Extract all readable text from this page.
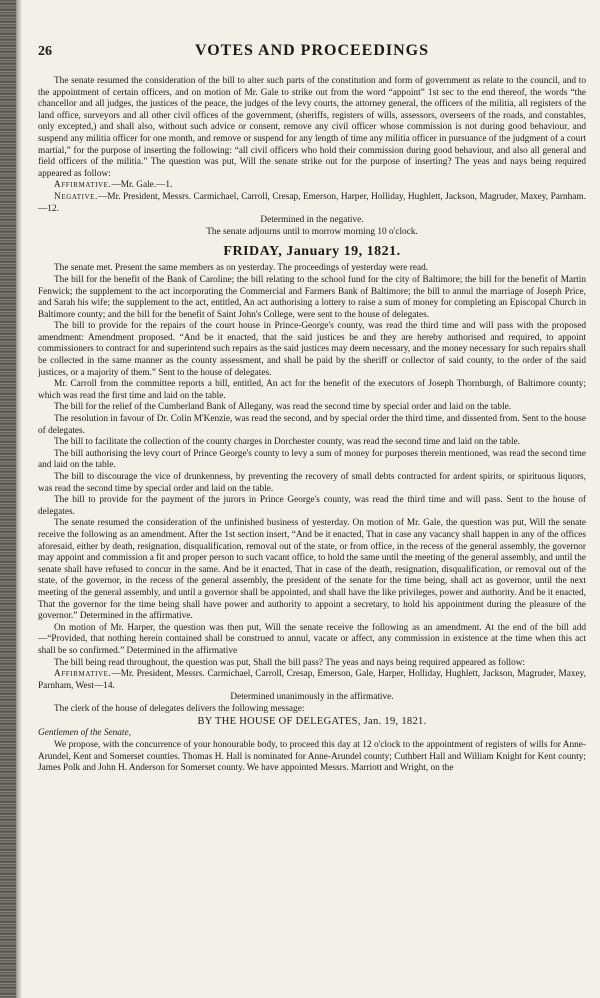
26	VOTES AND PROCEEDINGS

The senate resumed the consideration of the bill to alter such parts of the constitution and form of government as relate to the council, and to the appointment of certain officers, and on motion of Mr. Gale to strike out from the word “appoint” 1st sec to the end thereof, the words “the chancellor and all judges, the justices of the peace, the judges of the levy courts, the attorney general, the officers of the militia, all registers of the land office, surveyors and all other civil offices of the government, (sheriffs, registers of wills, assessors, overseers of the roads, and constables, only excepted,) and shall also, without such advice or consent, remove any civil officer whose commission is not during good behaviour, and suspend any militia officer for one month, and remove or suspend for any length of time any militia officer in pursuance of the judgment of a court martial,” for the purpose of inserting the following: “all civil officers who hold their commission during good behaviour, and also all general and field officers of the militia.” The question was put, Will the senate strike out for the purpose of inserting? The yeas and nays being required appeared as follow:

Affirmative.—Mr. Gale.—1.

Negative.—Mr. President, Messrs. Carmichael, Carroll, Cresap, Emerson, Harper, Holliday, Hughlett, Jackson, Magruder, Maxey, Parnham.—12.

Determined in the negative.

The senate adjourns until to morrow morning 10 o'clock.

FRIDAY, January 19, 1821.

The senate met. Present the same members as on yesterday. The proceedings of yesterday were read.

The bill for the benefit of the Bank of Caroline; the bill relating to the school fund for the city of Baltimore; the bill for the benefit of Martin Fenwick; the supplement to the act incorporating the Commercial and Farmers Bank of Baltimore; the bill to annul the marriage of Joseph Price, and Sarah his wife; the supplement to the act, entitled, An act authorising a lottery to raise a sum of money for completing an Episcopal Church in Baltimore county; and the bill for the benefit of Saint John's College, were sent to the house of delegates.

The bill to provide for the repairs of the court house in Prince-George's county, was read the third time and will pass with the proposed amendment: Amendment proposed. “And be it enacted, that the said justices be and they are hereby authorised and required, to appoint commissioners to contract for and superintend such repairs as the said justices may deem necessary, and the money necessary for such repairs shall be collected in the same manner as the county assessment, and shall be paid by the sheriff or collector of said county, to the order of the said justices, or a majority of them.” Sent to the house of delegates.

Mr. Carroll from the committee reports a bill, entitled, An act for the benefit of the executors of Joseph Thornburgh, of Baltimore county; which was read the first time and laid on the table.

The bill for the relief of the Cumberland Bank of Allegany, was read the second time by special order and laid on the table.

The resolution in favour of Dr. Colin M'Kenzie, was read the second, and by special order the third time, and dissented from. Sent to the house of delegates.

The bill to facilitate the collection of the county charges in Dorchester county, was read the second time and laid on the table.

The bill authorising the levy court of Prince George's county to levy a sum of money for purposes therein mentioned, was read the second time and laid on the table.

The bill to discourage the vice of drunkenness, by preventing the recovery of small debts contracted for ardent spirits, or spirituous liquors, was read the second time by special order and laid on the table.

The bill to provide for the payment of the jurors in Prince George's county, was read the third time and will pass. Sent to the house of delegates.

The senate resumed the consideration of the unfinished business of yesterday. On motion of Mr. Gale, the question was put, Will the senate receive the following as an amendment. After the 1st section insert, “And be it enacted, That in case any vacancy shall happen in any of the offices aforesaid, either by death, resignation, disqualification, removal out of the state, or from office, in the recess of the general assembly, the governor may appoint and commission a fit and proper person to such vacant office, to hold the same until the meeting of the general assembly, and until the senate shall have refused to concur in the same. And be it enacted, That in case of the death, resignation, disqualification, or removal out of the state, of the governor, in the recess of the general assembly, the president of the senate for the time being, shall act as governor, until the next meeting of the general assembly, and until a governor shall be appointed, and shall have the like privileges, power and authority. And be it enacted, That the governor for the time being shall have power and authority to appoint a secretary, to hold his appointment during the pleasure of the governor.” Determined in the affirmative.

On motion of Mr. Harper, the question was then put, Will the senate receive the following as an amendment. At the end of the bill add—“Provided, that nothing herein contained shall be construed to annul, vacate or affect, any commission in existence at the time when this act shall be so confirmed.” Determined in the affirmative

The bill being read throughout, the question was put, Shall the bill pass? The yeas and nays being required appeared as follow:

Affirmative.—Mr. President, Messrs. Carmichael, Carroll, Cresap, Emerson, Gale, Harper, Holliday, Hughlett, Jackson, Magruder, Maxey, Parnham, West—14.

Determined unanimously in the affirmative.

The clerk of the house of delegates delivers the following message:

BY THE HOUSE OF DELEGATES, Jan. 19, 1821.

Gentlemen of the Senate,

We propose, with the concurrence of your honourable body, to proceed this day at 12 o'clock to the appointment of registers of wills for Anne-Arundel, Kent and Somerset counties. Thomas H. Hall is nominated for Anne-Arundel county; Cuthbert Hall and William Knight for Kent county; James Polk and John H. Anderson for Somerset county. We have appointed Messrs. Marriott and Wright, on the
